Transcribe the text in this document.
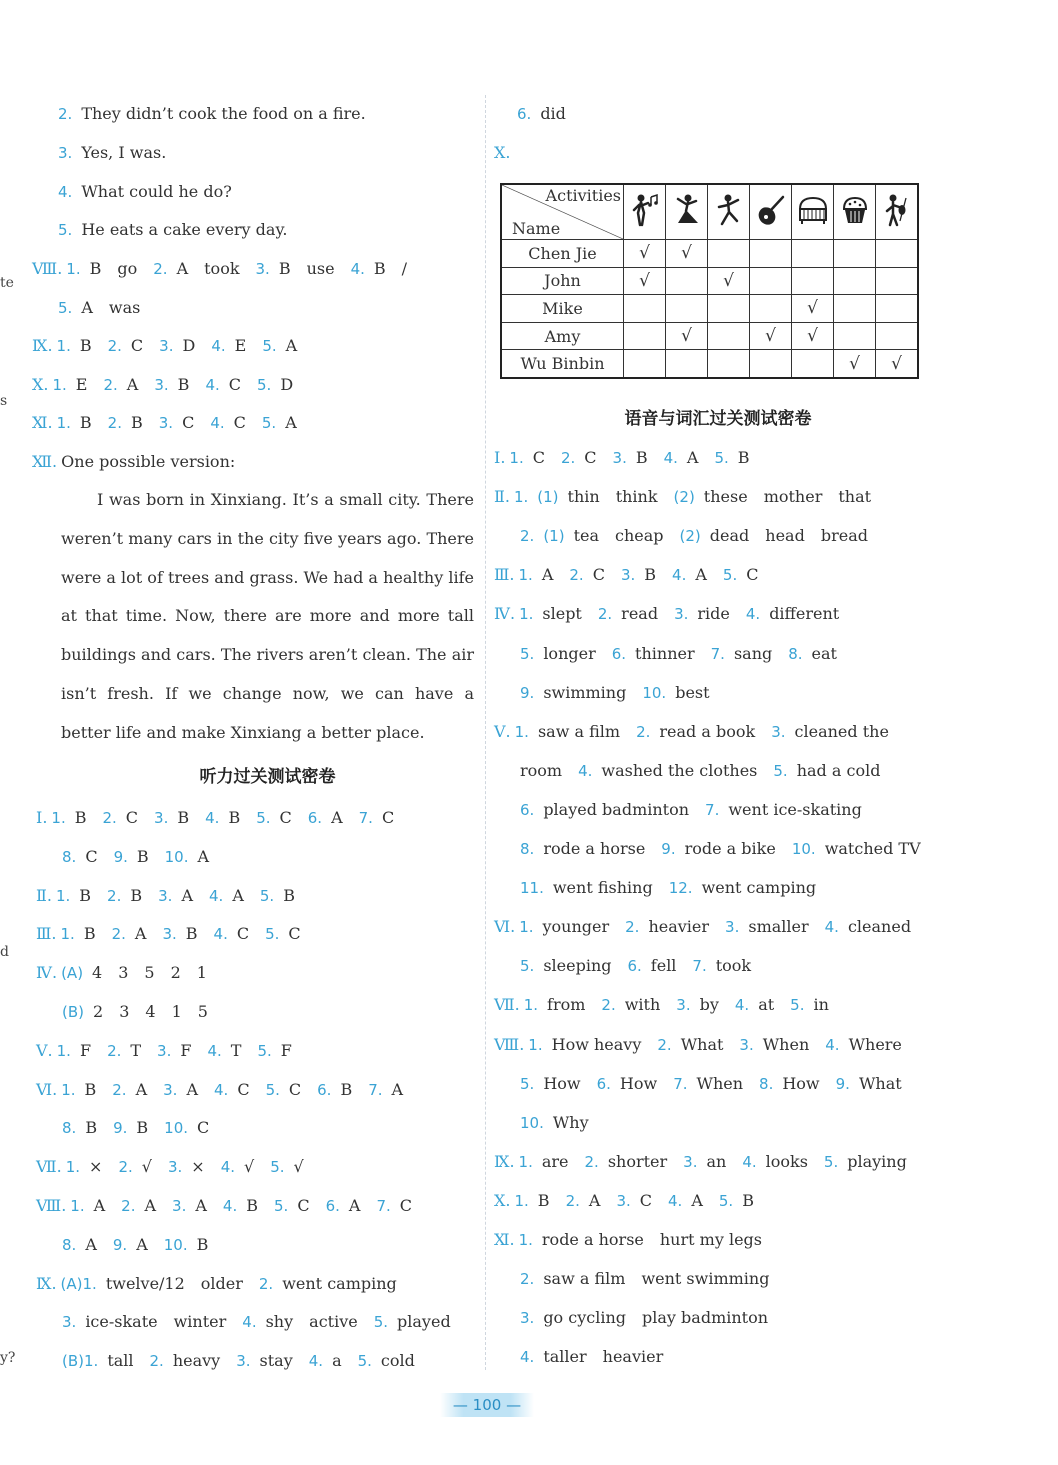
2. They didn’t cook the food on a fire.
3. Yes, I was.
4. What could he do?
5. He eats a cake every day.
Ⅷ. 1. B go 2. A took 3. B use 4. B /
5. A was
Ⅸ. 1. B 2. C 3. D 4. E 5. A
Ⅹ. 1. E 2. A 3. B 4. C 5. D
Ⅺ. 1. B 2. B 3. C 4. C 5. A
Ⅻ. One possible version:
I was born in Xinxiang. It’s a small city. There weren’t many cars in the city five years ago. There were a lot of trees and grass. We had a healthy life at that time. Now, there are more and more tall buildings and cars. The rivers aren’t clean. The air isn’t fresh. If we change now, we can have a better life and make Xinxiang a better place.
听力过关测试密卷
Ⅰ. 1. B 2. C 3. B 4. B 5. C 6. A 7. C
8. C 9. B 10. A
Ⅱ. 1. B 2. B 3. A 4. A 5. B
Ⅲ. 1. B 2. A 3. B 4. C 5. C
Ⅳ. (A) 4 3 5 2 1
(B) 2 3 4 1 5
Ⅴ. 1. F 2. T 3. F 4. T 5. F
Ⅵ. 1. B 2. A 3. A 4. C 5. C 6. B 7. A
8. B 9. B 10. C
Ⅶ. 1. × 2. √ 3. × 4. √ 5. √
Ⅷ. 1. A 2. A 3. A 4. B 5. C 6. A 7. C
8. A 9. A 10. B
Ⅸ. (A)1. twelve/12 older 2. went camping
3. ice-skate winter 4. shy active 5. played
(B)1. tall 2. heavy 3. stay 4. a 5. cold
te
s
d
y?
6. did
Ⅹ.
语音与词汇过关测试密卷
Ⅰ. 1. C 2. C 3. B 4. A 5. B
Ⅱ. 1. (1) thin think (2) these mother that
2. (1) tea cheap (2) dead head bread
Ⅲ. 1. A 2. C 3. B 4. A 5. C
Ⅳ. 1. slept 2. read 3. ride 4. different
5. longer 6. thinner 7. sang 8. eat
9. swimming 10. best
Ⅴ. 1. saw a film 2. read a book 3. cleaned the
room 4. washed the clothes 5. had a cold
6. played badminton 7. went ice-skating
8. rode a horse 9. rode a bike 10. watched TV
11. went fishing 12. went camping
Ⅵ. 1. younger 2. heavier 3. smaller 4. cleaned
5. sleeping 6. fell 7. took
Ⅶ. 1. from 2. with 3. by 4. at 5. in
Ⅷ. 1. How heavy 2. What 3. When 4. Where
5. How 6. How 7. When 8. How 9. What
10. Why
Ⅸ. 1. are 2. shorter 3. an 4. looks 5. playing
Ⅹ. 1. B 2. A 3. C 4. A 5. B
Ⅺ. 1. rode a horse hurt my legs
2. saw a film went swimming
3. go cycling play badminton
4. taller heavier
Activities
Name

Chen Jie	√	√					
John	√		√				
Mike					√		
Amy		√		√	√		
Wu Binbin						√	√
— 100 —
